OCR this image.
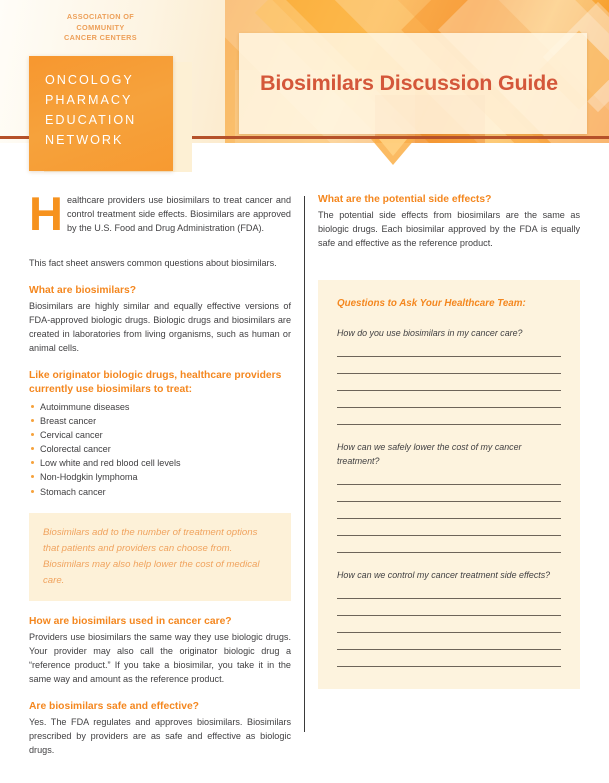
Biosimilars Discussion Guide
ASSOCIATION OF
COMMUNITY
CANCER CENTERS
ONCOLOGY
PHARMACY
EDUCATION
NETWORK
H ealthcare providers use biosimilars to treat cancer and control treatment side effects. Biosimilars are approved by the U.S. Food and Drug Administration (FDA).

This fact sheet answers common questions about biosimilars.

What are biosimilars?

Biosimilars are highly similar and equally effective versions of FDA-approved biologic drugs. Biologic drugs and biosimilars are created in laboratories from living organisms, such as human or animal cells.

Like originator biologic drugs, healthcare providers currently use biosimilars to treat:
Autoimmune diseases
Breast cancer
Cervical cancer
Colorectal cancer
Low white and red blood cell levels
Non-Hodgkin lymphoma
Stomach cancer

Biosimilars add to the number of treatment options that patients and providers can choose from. Biosimilars may also help lower the cost of medical care.

How are biosimilars used in cancer care?

Providers use biosimilars the same way they use biologic drugs. Your provider may also call the originator biologic drug a “reference product.” If you take a biosimilar, you take it in the same way and amount as the reference product.

Are biosimilars safe and effective?

Yes. The FDA regulates and approves biosimilars. Biosimilars prescribed by providers are as safe and effective as biologic drugs.

What are the potential side effects?

The potential side effects from biosimilars are the same as biologic drugs. Each biosimilar approved by the FDA is equally safe and effective as the reference product.

Questions to Ask Your Healthcare Team:

How do you use biosimilars in my cancer care?

How can we safely lower the cost of my cancer treatment?

How can we control my cancer treatment side effects?
